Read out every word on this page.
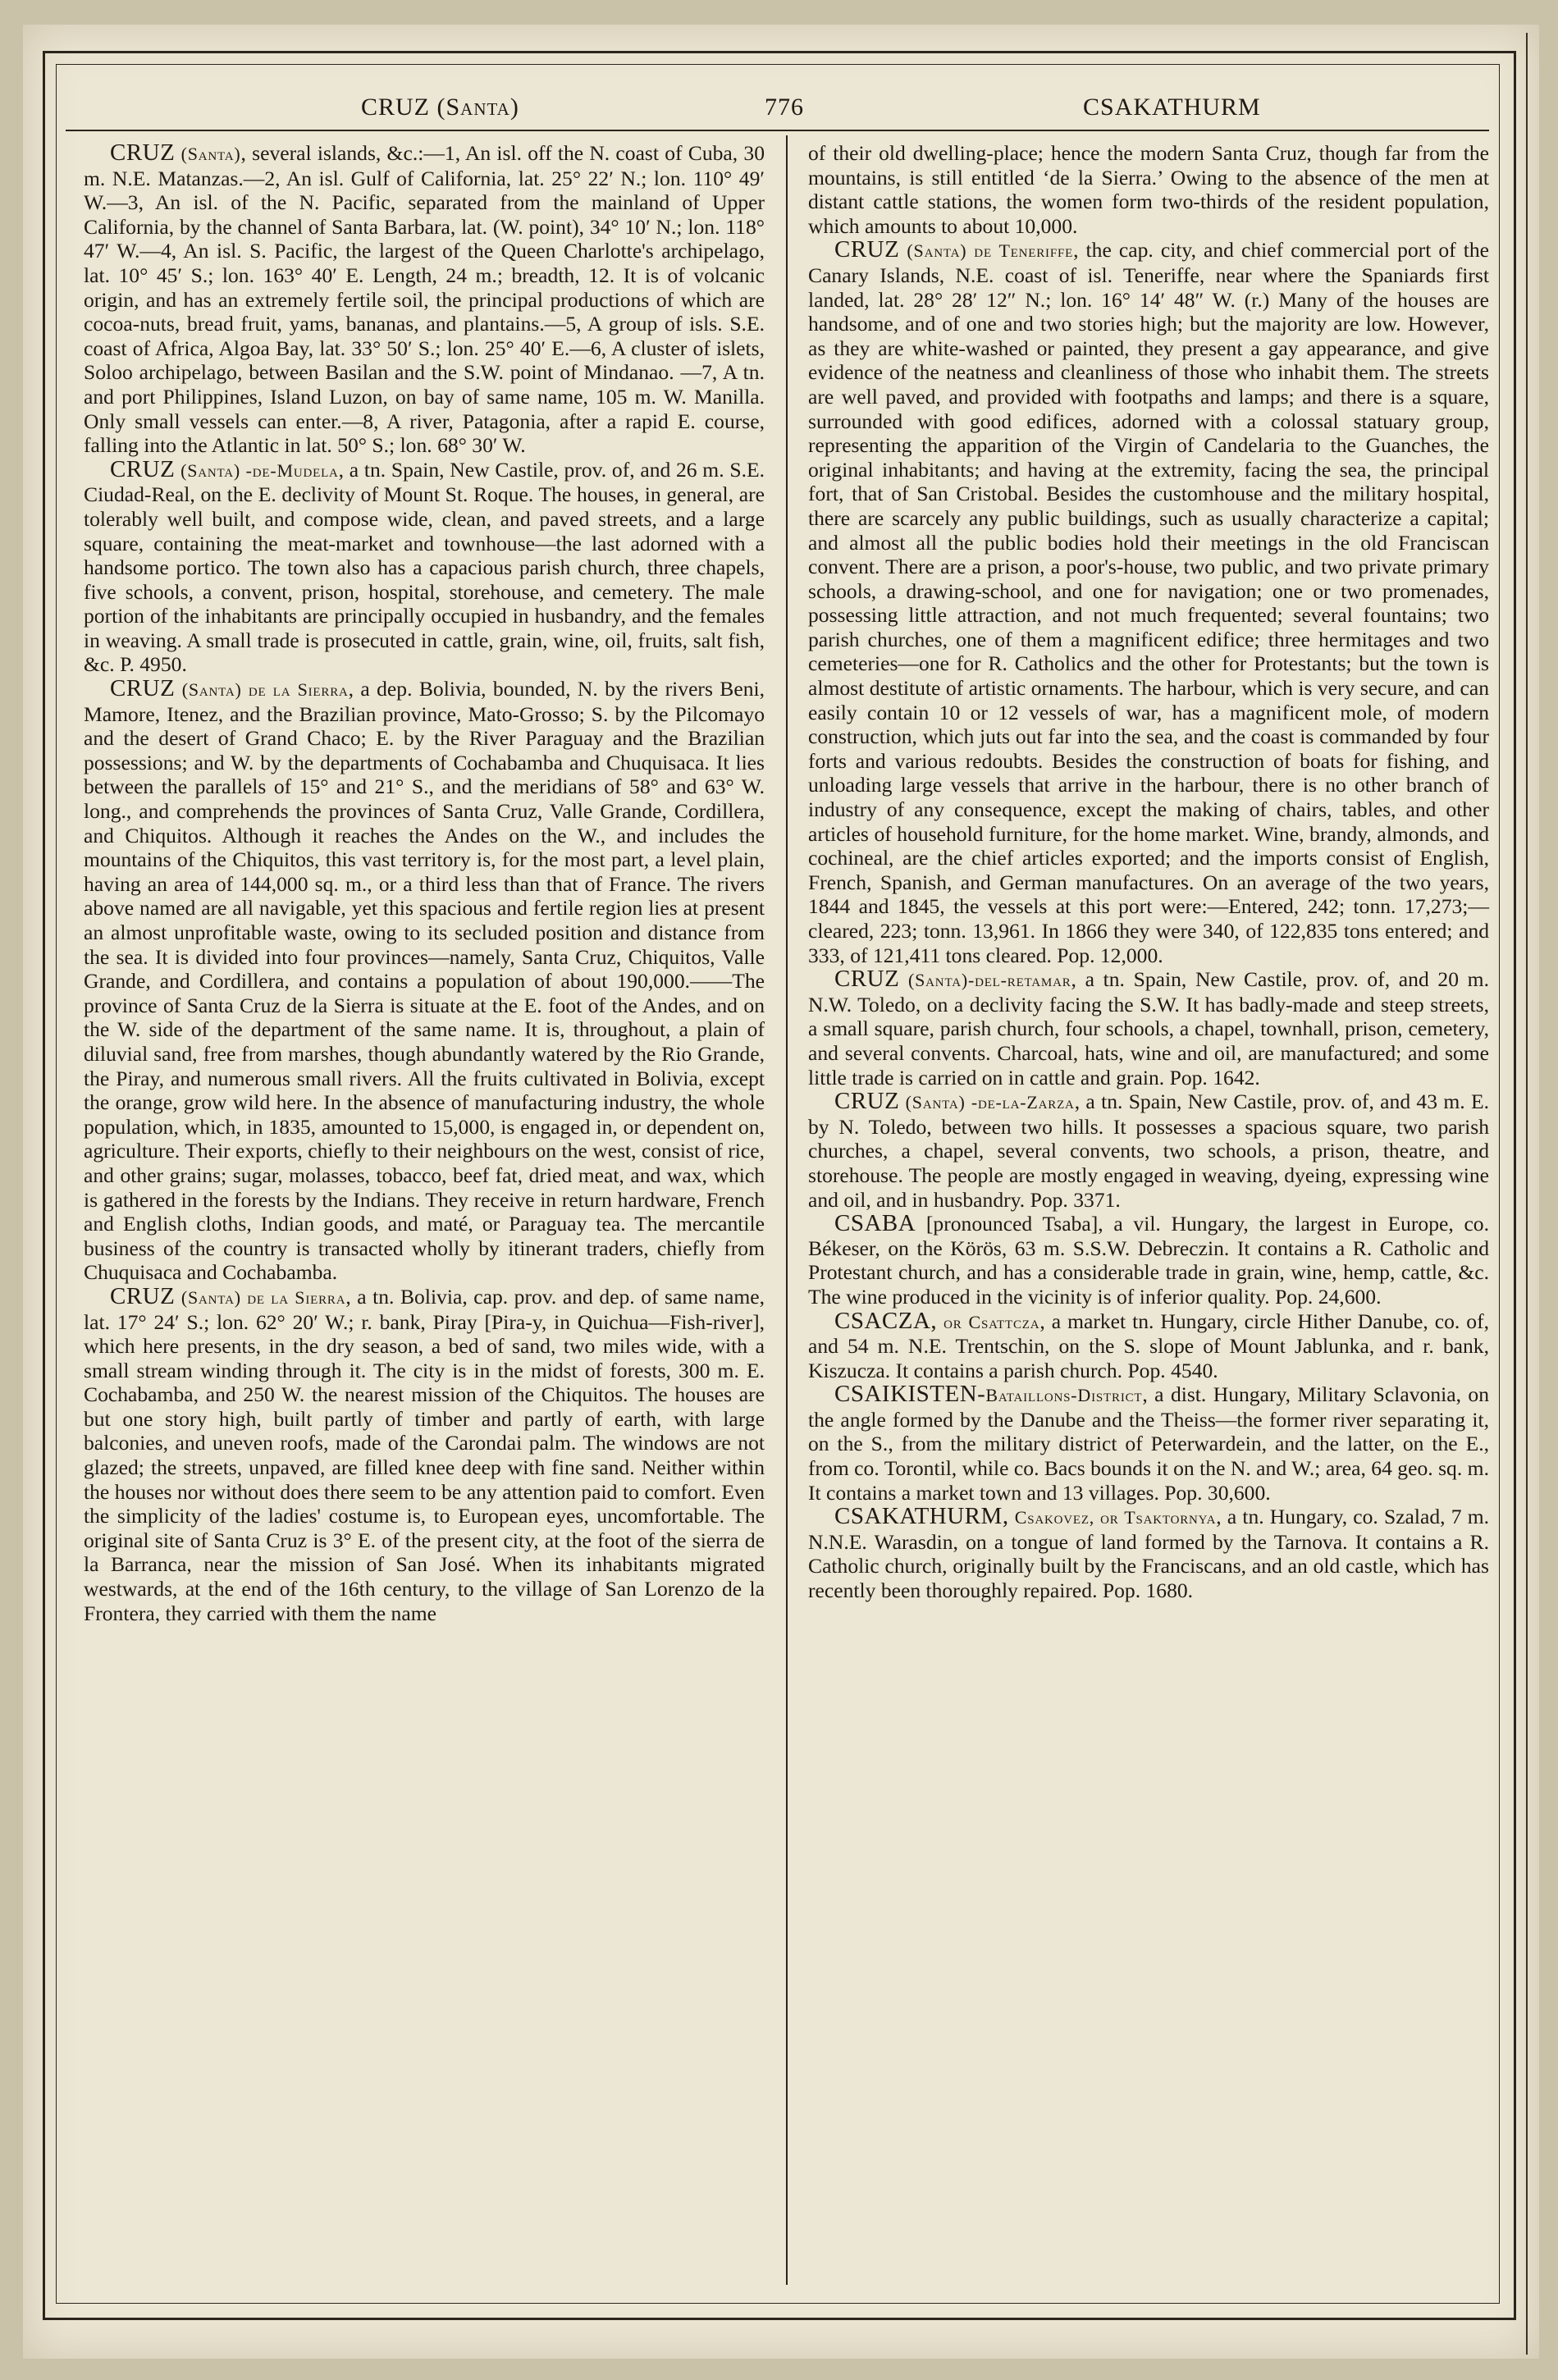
CRUZ (Santa)	776	CSAKATHURM

CRUZ (Santa), several islands, &c.:—1, An isl. off the N. coast of Cuba, 30 m. N.E. Matanzas.—2, An isl. Gulf of California, lat. 25° 22′ N.; lon. 110° 49′ W.—3, An isl. of the N. Pacific, separated from the mainland of Upper California, by the channel of Santa Barbara, lat. (W. point), 34° 10′ N.; lon. 118° 47′ W.—4, An isl. S. Pacific, the largest of the Queen Charlotte's archipelago, lat. 10° 45′ S.; lon. 163° 40′ E. Length, 24 m.; breadth, 12. It is of volcanic origin, and has an extremely fertile soil, the principal productions of which are cocoa-nuts, bread fruit, yams, bananas, and plantains.—5, A group of isls. S.E. coast of Africa, Algoa Bay, lat. 33° 50′ S.; lon. 25° 40′ E.—6, A cluster of islets, Soloo archipelago, between Basilan and the S.W. point of Mindanao. —7, A tn. and port Philippines, Island Luzon, on bay of same name, 105 m. W. Manilla. Only small vessels can enter.—8, A river, Patagonia, after a rapid E. course, falling into the Atlantic in lat. 50° S.; lon. 68° 30′ W.

CRUZ (Santa) -de-Mudela, a tn. Spain, New Castile, prov. of, and 26 m. S.E. Ciudad-Real, on the E. declivity of Mount St. Roque. The houses, in general, are tolerably well built, and compose wide, clean, and paved streets, and a large square, containing the meat-market and townhouse—the last adorned with a handsome portico. The town also has a capacious parish church, three chapels, five schools, a convent, prison, hospital, storehouse, and cemetery. The male portion of the inhabitants are principally occupied in husbandry, and the females in weaving. A small trade is prosecuted in cattle, grain, wine, oil, fruits, salt fish, &c. P. 4950.

CRUZ (Santa) de la Sierra, a dep. Bolivia, bounded, N. by the rivers Beni, Mamore, Itenez, and the Brazilian province, Mato-Grosso; S. by the Pilcomayo and the desert of Grand Chaco; E. by the River Paraguay and the Brazilian possessions; and W. by the departments of Cochabamba and Chuquisaca. It lies between the parallels of 15° and 21° S., and the meridians of 58° and 63° W. long., and comprehends the provinces of Santa Cruz, Valle Grande, Cordillera, and Chiquitos. Although it reaches the Andes on the W., and includes the mountains of the Chiquitos, this vast territory is, for the most part, a level plain, having an area of 144,000 sq. m., or a third less than that of France. The rivers above named are all navigable, yet this spacious and fertile region lies at present an almost unprofitable waste, owing to its secluded position and distance from the sea. It is divided into four provinces—namely, Santa Cruz, Chiquitos, Valle Grande, and Cordillera, and contains a population of about 190,000.——The province of Santa Cruz de la Sierra is situate at the E. foot of the Andes, and on the W. side of the department of the same name. It is, throughout, a plain of diluvial sand, free from marshes, though abundantly watered by the Rio Grande, the Piray, and numerous small rivers. All the fruits cultivated in Bolivia, except the orange, grow wild here. In the absence of manufacturing industry, the whole population, which, in 1835, amounted to 15,000, is engaged in, or dependent on, agriculture. Their exports, chiefly to their neighbours on the west, consist of rice, and other grains; sugar, molasses, tobacco, beef fat, dried meat, and wax, which is gathered in the forests by the Indians. They receive in return hardware, French and English cloths, Indian goods, and maté, or Paraguay tea. The mercantile business of the country is transacted wholly by itinerant traders, chiefly from Chuquisaca and Cochabamba.

CRUZ (Santa) de la Sierra, a tn. Bolivia, cap. prov. and dep. of same name, lat. 17° 24′ S.; lon. 62° 20′ W.; r. bank, Piray [Pira-y, in Quichua—Fish-river], which here presents, in the dry season, a bed of sand, two miles wide, with a small stream winding through it. The city is in the midst of forests, 300 m. E. Cochabamba, and 250 W. the nearest mission of the Chiquitos. The houses are but one story high, built partly of timber and partly of earth, with large balconies, and uneven roofs, made of the Carondai palm. The windows are not glazed; the streets, unpaved, are filled knee deep with fine sand. Neither within the houses nor without does there seem to be any attention paid to comfort. Even the simplicity of the ladies' costume is, to European eyes, uncomfortable. The original site of Santa Cruz is 3° E. of the present city, at the foot of the sierra de la Barranca, near the mission of San José. When its inhabitants migrated westwards, at the end of the 16th century, to the village of San Lorenzo de la Frontera, they carried with them the name

of their old dwelling-place; hence the modern Santa Cruz, though far from the mountains, is still entitled ‘de la Sierra.’ Owing to the absence of the men at distant cattle stations, the women form two-thirds of the resident population, which amounts to about 10,000.

CRUZ (Santa) de Teneriffe, the cap. city, and chief commercial port of the Canary Islands, N.E. coast of isl. Teneriffe, near where the Spaniards first landed, lat. 28° 28′ 12″ N.; lon. 16° 14′ 48″ W. (r.) Many of the houses are handsome, and of one and two stories high; but the majority are low. However, as they are white-washed or painted, they present a gay appearance, and give evidence of the neatness and cleanliness of those who inhabit them. The streets are well paved, and provided with footpaths and lamps; and there is a square, surrounded with good edifices, adorned with a colossal statuary group, representing the apparition of the Virgin of Candelaria to the Guanches, the original inhabitants; and having at the extremity, facing the sea, the principal fort, that of San Cristobal. Besides the customhouse and the military hospital, there are scarcely any public buildings, such as usually characterize a capital; and almost all the public bodies hold their meetings in the old Franciscan convent. There are a prison, a poor's-house, two public, and two private primary schools, a drawing-school, and one for navigation; one or two promenades, possessing little attraction, and not much frequented; several fountains; two parish churches, one of them a magnificent edifice; three hermitages and two cemeteries—one for R. Catholics and the other for Protestants; but the town is almost destitute of artistic ornaments. The harbour, which is very secure, and can easily contain 10 or 12 vessels of war, has a magnificent mole, of modern construction, which juts out far into the sea, and the coast is commanded by four forts and various redoubts. Besides the construction of boats for fishing, and unloading large vessels that arrive in the harbour, there is no other branch of industry of any consequence, except the making of chairs, tables, and other articles of household furniture, for the home market. Wine, brandy, almonds, and cochineal, are the chief articles exported; and the imports consist of English, French, Spanish, and German manufactures. On an average of the two years, 1844 and 1845, the vessels at this port were:—Entered, 242; tonn. 17,273;—cleared, 223; tonn. 13,961. In 1866 they were 340, of 122,835 tons entered; and 333, of 121,411 tons cleared. Pop. 12,000.

CRUZ (Santa)-del-retamar, a tn. Spain, New Castile, prov. of, and 20 m. N.W. Toledo, on a declivity facing the S.W. It has badly-made and steep streets, a small square, parish church, four schools, a chapel, townhall, prison, cemetery, and several convents. Charcoal, hats, wine and oil, are manufactured; and some little trade is carried on in cattle and grain. Pop. 1642.

CRUZ (Santa) -de-la-Zarza, a tn. Spain, New Castile, prov. of, and 43 m. E. by N. Toledo, between two hills. It possesses a spacious square, two parish churches, a chapel, several convents, two schools, a prison, theatre, and storehouse. The people are mostly engaged in weaving, dyeing, expressing wine and oil, and in husbandry. Pop. 3371.

CSABA [pronounced Tsaba], a vil. Hungary, the largest in Europe, co. Békeser, on the Körös, 63 m. S.S.W. Debreczin. It contains a R. Catholic and Protestant church, and has a considerable trade in grain, wine, hemp, cattle, &c. The wine produced in the vicinity is of inferior quality. Pop. 24,600.

CSACZA, or Csattcza, a market tn. Hungary, circle Hither Danube, co. of, and 54 m. N.E. Trentschin, on the S. slope of Mount Jablunka, and r. bank, Kiszucza. It contains a parish church. Pop. 4540.

CSAIKISTEN-Bataillons-District, a dist. Hungary, Military Sclavonia, on the angle formed by the Danube and the Theiss—the former river separating it, on the S., from the military district of Peterwardein, and the latter, on the E., from co. Torontil, while co. Bacs bounds it on the N. and W.; area, 64 geo. sq. m. It contains a market town and 13 villages. Pop. 30,600.

CSAKATHURM, Csakovez, or Tsaktornya, a tn. Hungary, co. Szalad, 7 m. N.N.E. Warasdin, on a tongue of land formed by the Tarnova. It contains a R. Catholic church, originally built by the Franciscans, and an old castle, which has recently been thoroughly repaired. Pop. 1680.
